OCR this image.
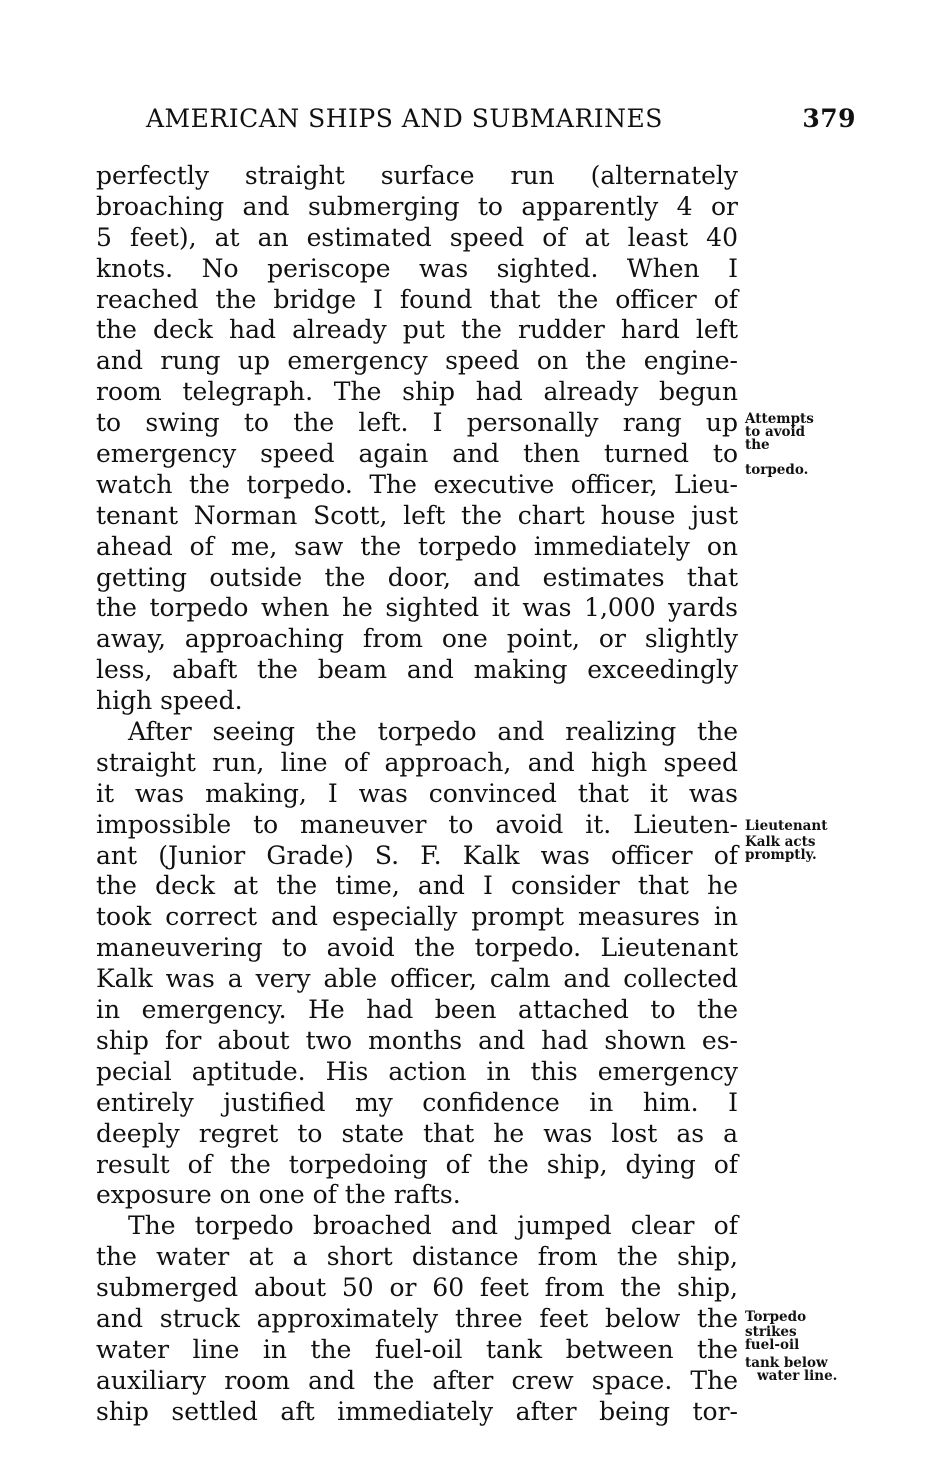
AMERICAN SHIPS AND SUBMARINES	379
perfectly straight surface run (alternately
broaching and submerging to apparently 4 or
5 feet), at an estimated speed of at least 40
knots. No periscope was sighted. When I
reached the bridge I found that the officer of
the deck had already put the rudder hard left
and rung up emergency speed on the engine-
room telegraph. The ship had already begun
to swing to the left. I personally rang up
emergency speed again and then turned to
watch the torpedo. The executive officer, Lieu-
tenant Norman Scott, left the chart house just
ahead of me, saw the torpedo immediately on
getting outside the door, and estimates that
the torpedo when he sighted it was 1,000 yards
away, approaching from one point, or slightly
less, abaft the beam and making exceedingly
high speed.
After seeing the torpedo and realizing the
straight run, line of approach, and high speed
it was making, I was convinced that it was
impossible to maneuver to avoid it. Lieuten-
ant (Junior Grade) S. F. Kalk was officer of
the deck at the time, and I consider that he
took correct and especially prompt measures in
maneuvering to avoid the torpedo. Lieutenant
Kalk was a very able officer, calm and collected
in emergency. He had been attached to the
ship for about two months and had shown es-
pecial aptitude. His action in this emergency
entirely justified my confidence in him. I
deeply regret to state that he was lost as a
result of the torpedoing of the ship, dying of
exposure on one of the rafts.
The torpedo broached and jumped clear of
the water at a short distance from the ship,
submerged about 50 or 60 feet from the ship,
and struck approximately three feet below the
water line in the fuel-oil tank between the
auxiliary room and the after crew space. The
ship settled aft immediately after being tor-
Attempts
to avoid
the
torpedo.
Lieutenant
Kalk acts
promptly.
Torpedo
strikes
fuel-oil
tank below
water line.
